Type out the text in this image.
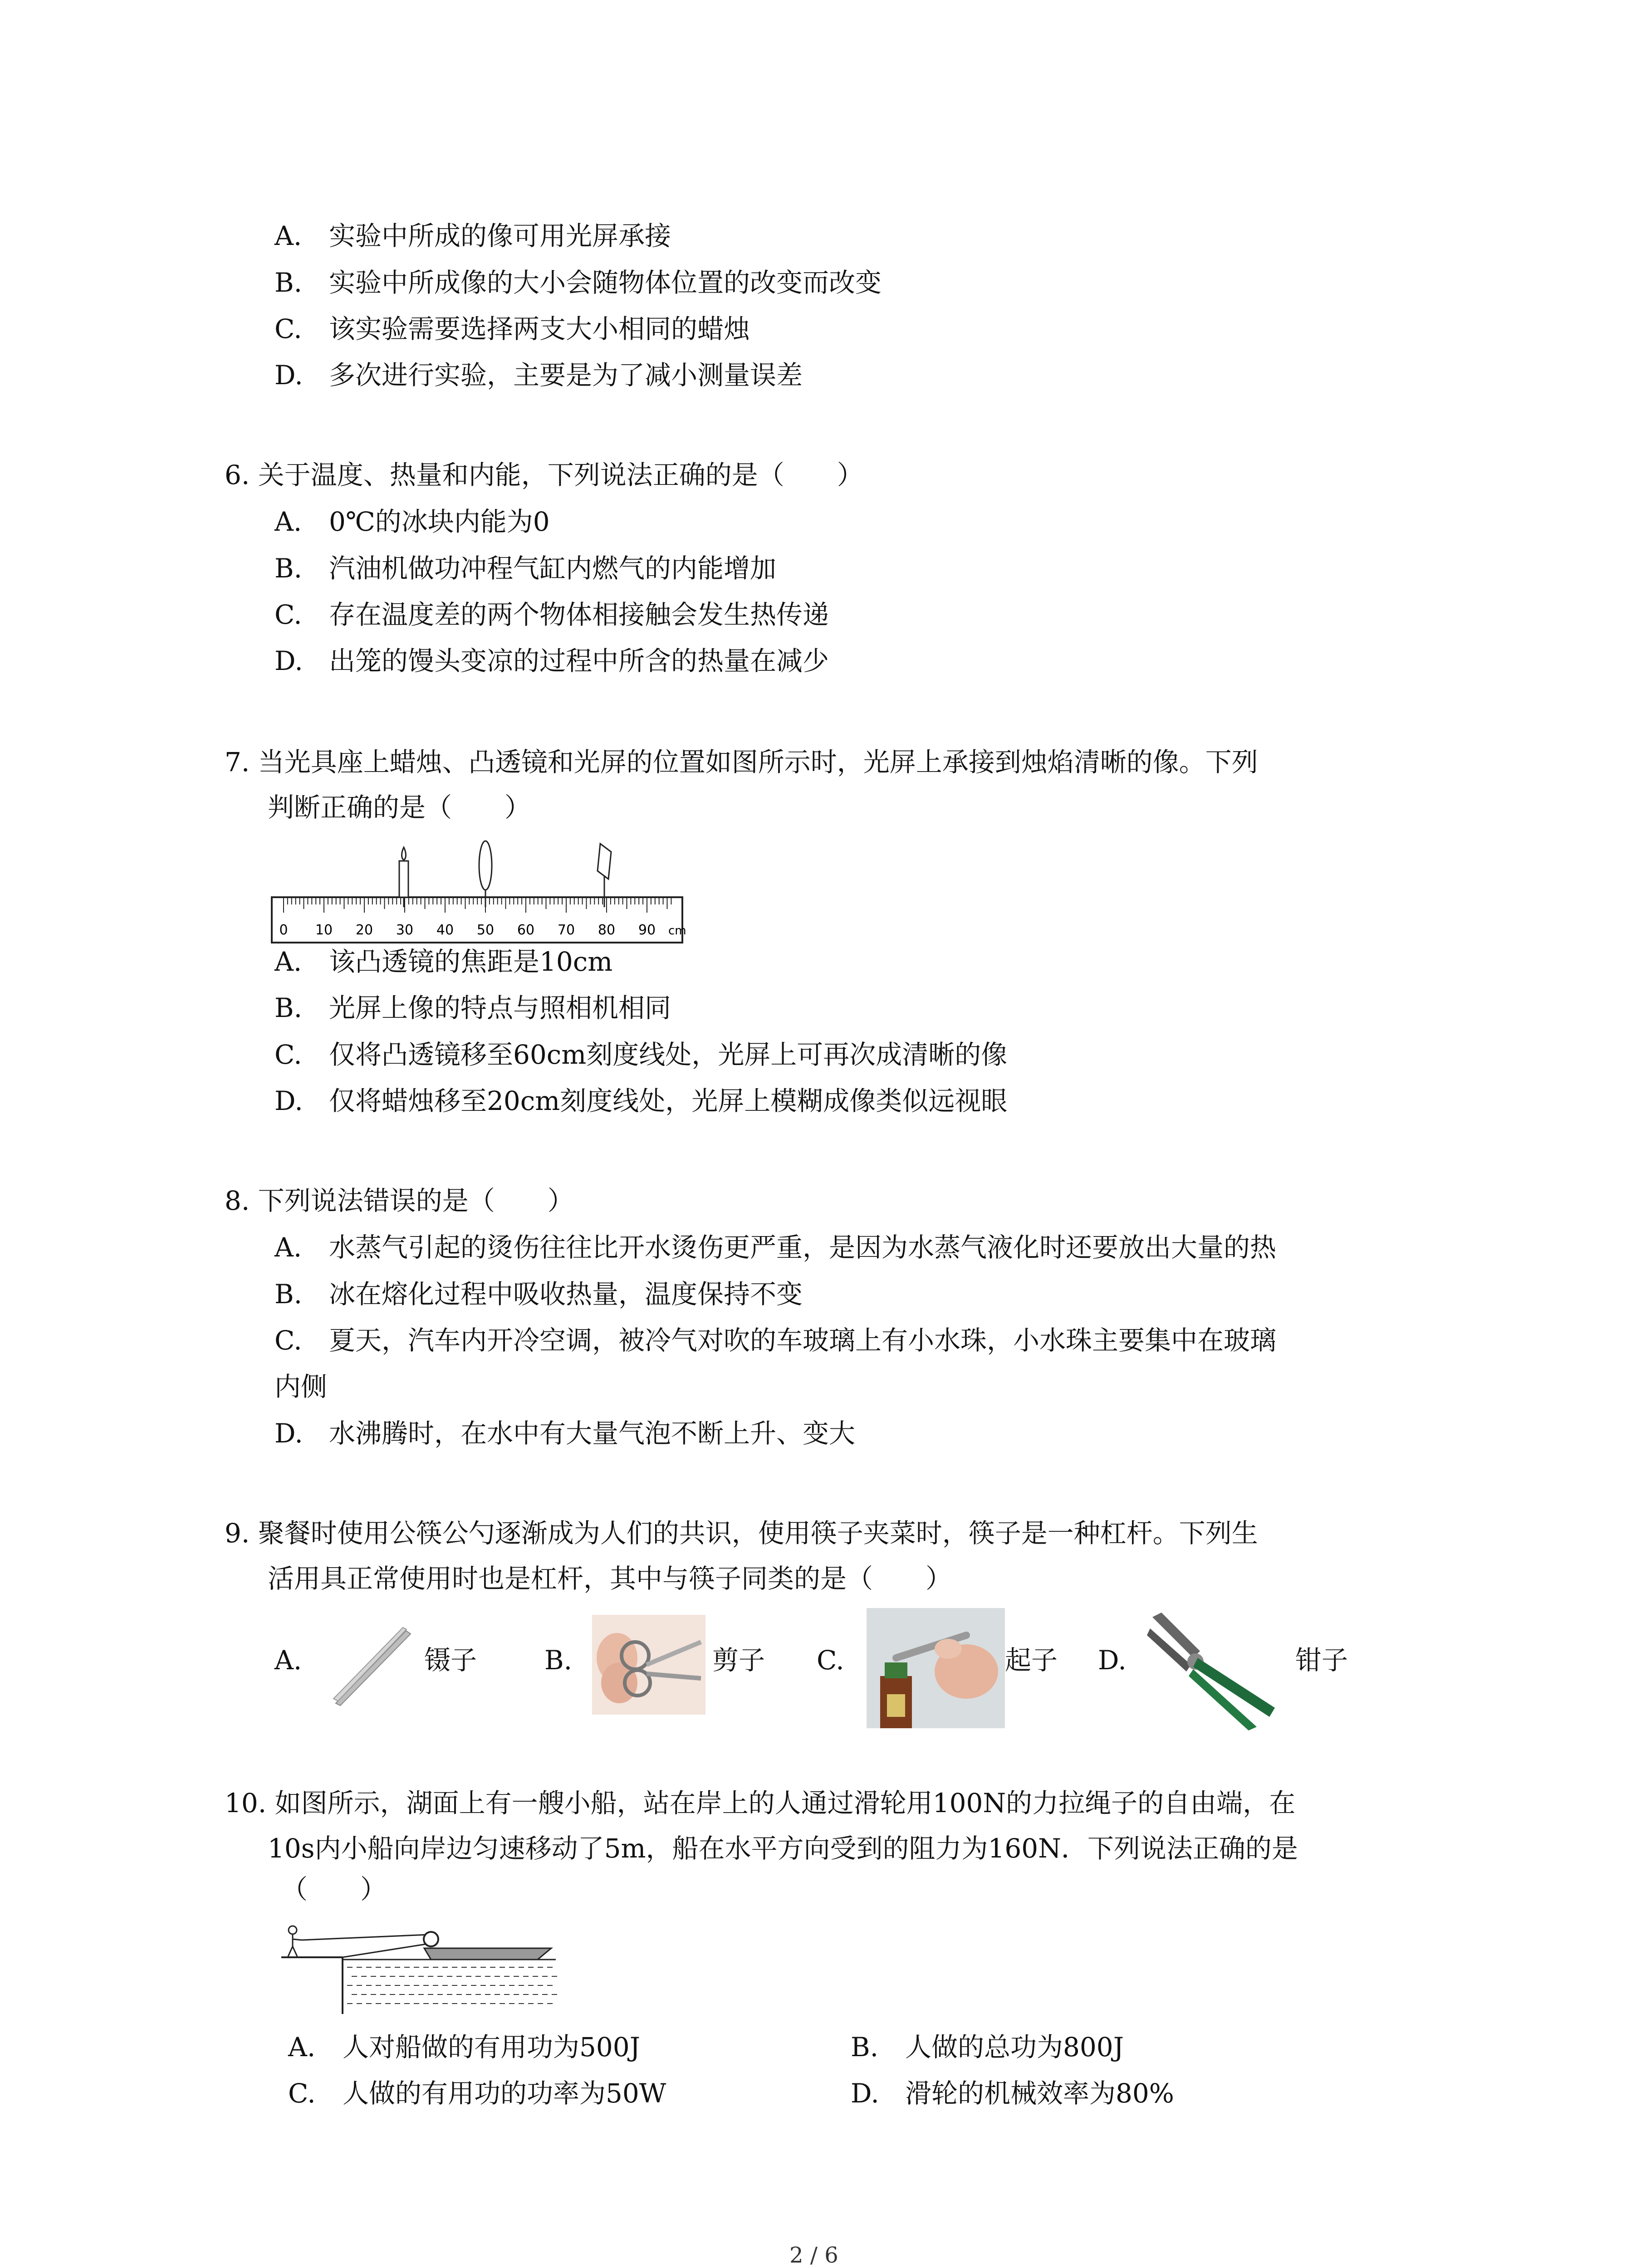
A. 实验中所成的像可用光屏承接
B. 实验中所成像的大小会随物体位置的改变而改变
C. 该实验需要选择两支大小相同的蜡烛
D. 多次进行实验，主要是为了减小测量误差
6. 关于温度、热量和内能，下列说法正确的是（　　）
A. 0℃的冰块内能为0
B. 汽油机做功冲程气缸内燃气的内能增加
C. 存在温度差的两个物体相接触会发生热传递
D. 出笼的馒头变凉的过程中所含的热量在减少
7. 当光具座上蜡烛、凸透镜和光屏的位置如图所示时，光屏上承接到烛焰清晰的像。下列
判断正确的是（　　）
0 10 20 30 40 50 60 70 80 90 cm
A. 该凸透镜的焦距是10cm
B. 光屏上像的特点与照相机相同
C. 仅将凸透镜移至60cm刻度线处，光屏上可再次成清晰的像
D. 仅将蜡烛移至20cm刻度线处，光屏上模糊成像类似远视眼
8. 下列说法错误的是（　　）
A. 水蒸气引起的烫伤往往比开水烫伤更严重，是因为水蒸气液化时还要放出大量的热
B. 冰在熔化过程中吸收热量，温度保持不变
C. 夏天，汽车内开冷空调，被冷气对吹的车玻璃上有小水珠，小水珠主要集中在玻璃
内侧
D. 水沸腾时，在水中有大量气泡不断上升、变大
9. 聚餐时使用公筷公勺逐渐成为人们的共识，使用筷子夹菜时，筷子是一种杠杆。下列生
活用具正常使用时也是杠杆，其中与筷子同类的是（　　）
A.	镊子	B.	剪子 C.	起子 D.	钳子
10. 如图所示，湖面上有一艘小船，站在岸上的人通过滑轮用100N的力拉绳子的自由端，在
10s内小船向岸边匀速移动了5m，船在水平方向受到的阻力为160N．下列说法正确的是
（　　）
A. 人对船做的有用功为500J	B. 人做的总功为800J
C. 人做的有用功的功率为50W	D. 滑轮的机械效率为80%
2 / 6
